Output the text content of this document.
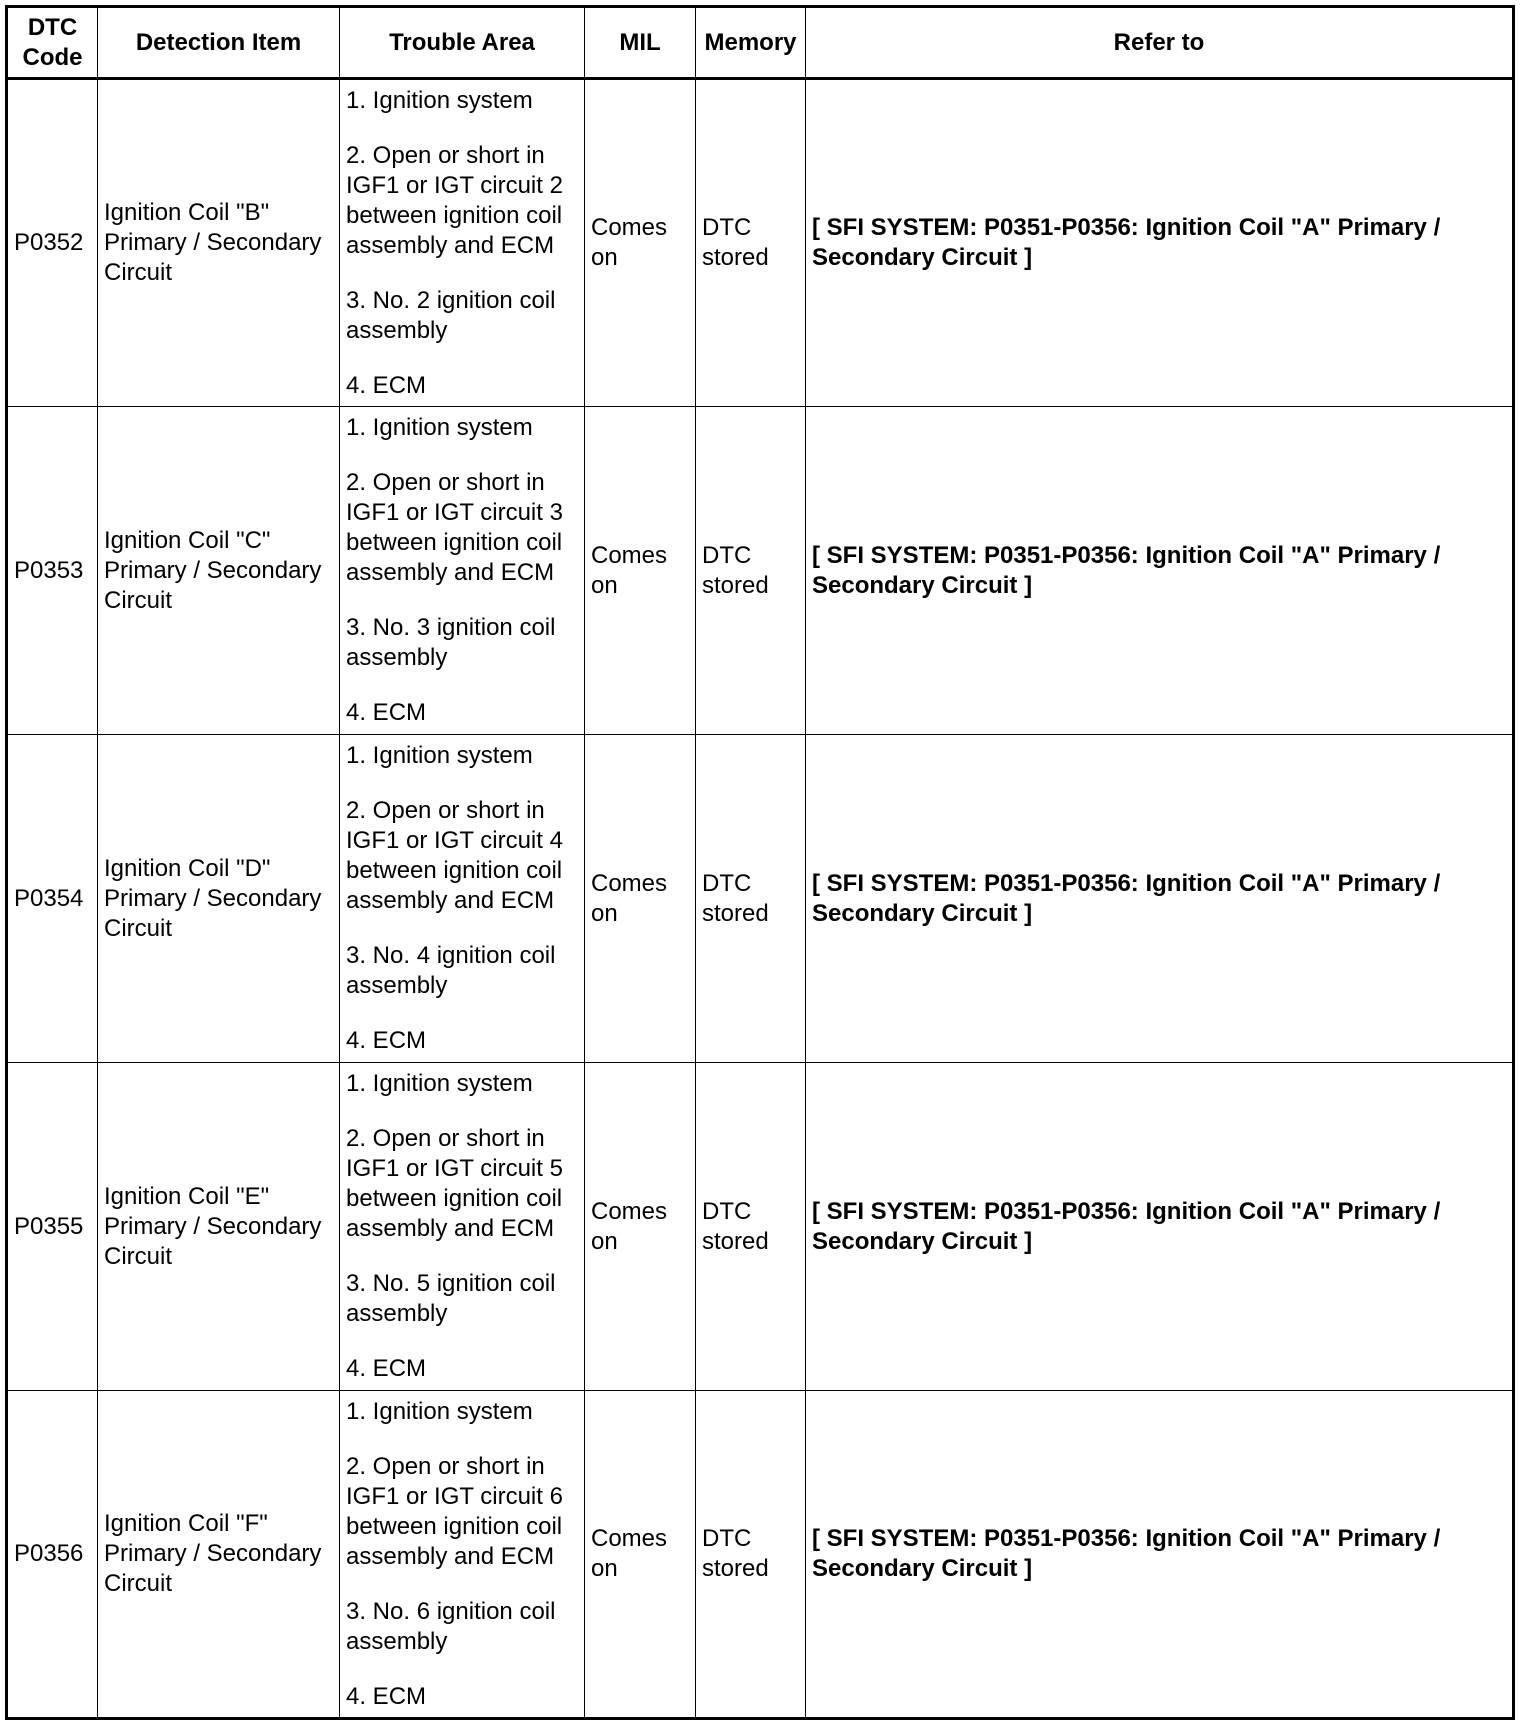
DTC Code	Detection Item	Trouble Area	MIL	Memory	Refer to
P0352	Ignition Coil "B" Primary / Secondary Circuit	1. Ignition system
2. Open or short in IGF1 or IGT circuit 2 between ignition coil assembly and ECM
3. No. 2 ignition coil assembly
4. ECM	Comes on	DTC stored	[ SFI SYSTEM: P0351-P0356: Ignition Coil "A" Primary / Secondary Circuit ]
P0353	Ignition Coil "C" Primary / Secondary Circuit	1. Ignition system
2. Open or short in IGF1 or IGT circuit 3 between ignition coil assembly and ECM
3. No. 3 ignition coil assembly
4. ECM	Comes on	DTC stored	[ SFI SYSTEM: P0351-P0356: Ignition Coil "A" Primary / Secondary Circuit ]
P0354	Ignition Coil "D" Primary / Secondary Circuit	1. Ignition system
2. Open or short in IGF1 or IGT circuit 4 between ignition coil assembly and ECM
3. No. 4 ignition coil assembly
4. ECM	Comes on	DTC stored	[ SFI SYSTEM: P0351-P0356: Ignition Coil "A" Primary / Secondary Circuit ]
P0355	Ignition Coil "E" Primary / Secondary Circuit	1. Ignition system
2. Open or short in IGF1 or IGT circuit 5 between ignition coil assembly and ECM
3. No. 5 ignition coil assembly
4. ECM	Comes on	DTC stored	[ SFI SYSTEM: P0351-P0356: Ignition Coil "A" Primary / Secondary Circuit ]
P0356	Ignition Coil "F" Primary / Secondary Circuit	1. Ignition system
2. Open or short in IGF1 or IGT circuit 6 between ignition coil assembly and ECM
3. No. 6 ignition coil assembly
4. ECM	Comes on	DTC stored	[ SFI SYSTEM: P0351-P0356: Ignition Coil "A" Primary / Secondary Circuit ]
